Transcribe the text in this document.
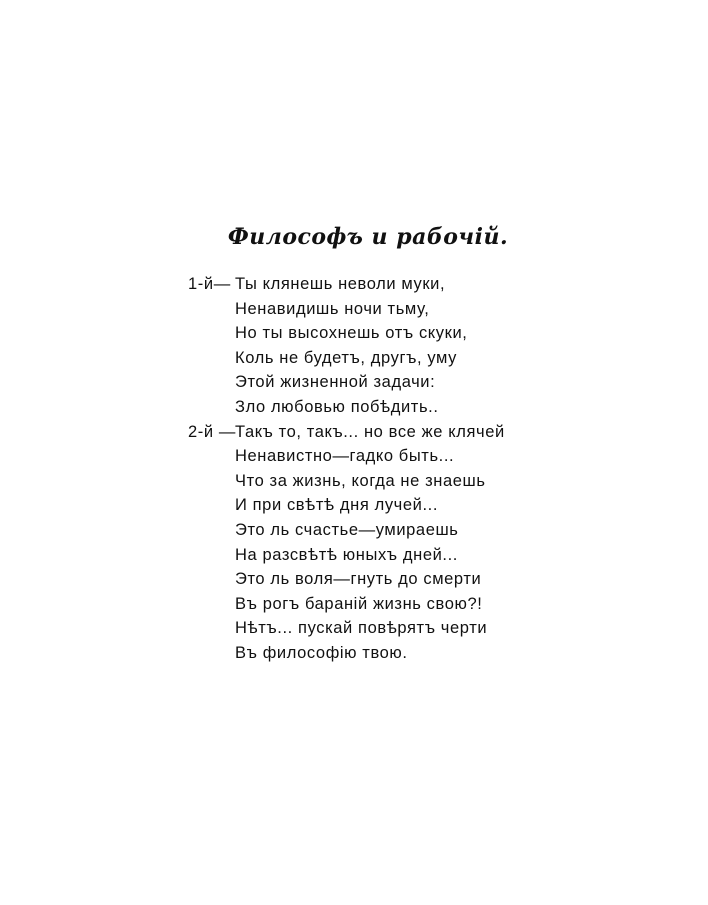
Философъ и рабочій.
1-й— Ты клянешь неволи муки,
Ненавидишь ночи тьму,
Но ты высохнешь отъ скуки,
Коль не будетъ, другъ, уму
Этой жизненной задачи:
Зло любовью побѣдить..
2-й — Такъ то, такъ... но все же клячей
Ненавистно—гадко быть...
Что за жизнь, когда не знаешь
И при свѣтѣ дня лучей...
Это ль счастье—умираешь
На разсвѣтѣ юныхъ дней...
Это ль воля—гнуть до смерти
Въ рогъ бараній жизнь свою?!
Нѣтъ... пускай повѣрятъ черти
Въ философію твою.
